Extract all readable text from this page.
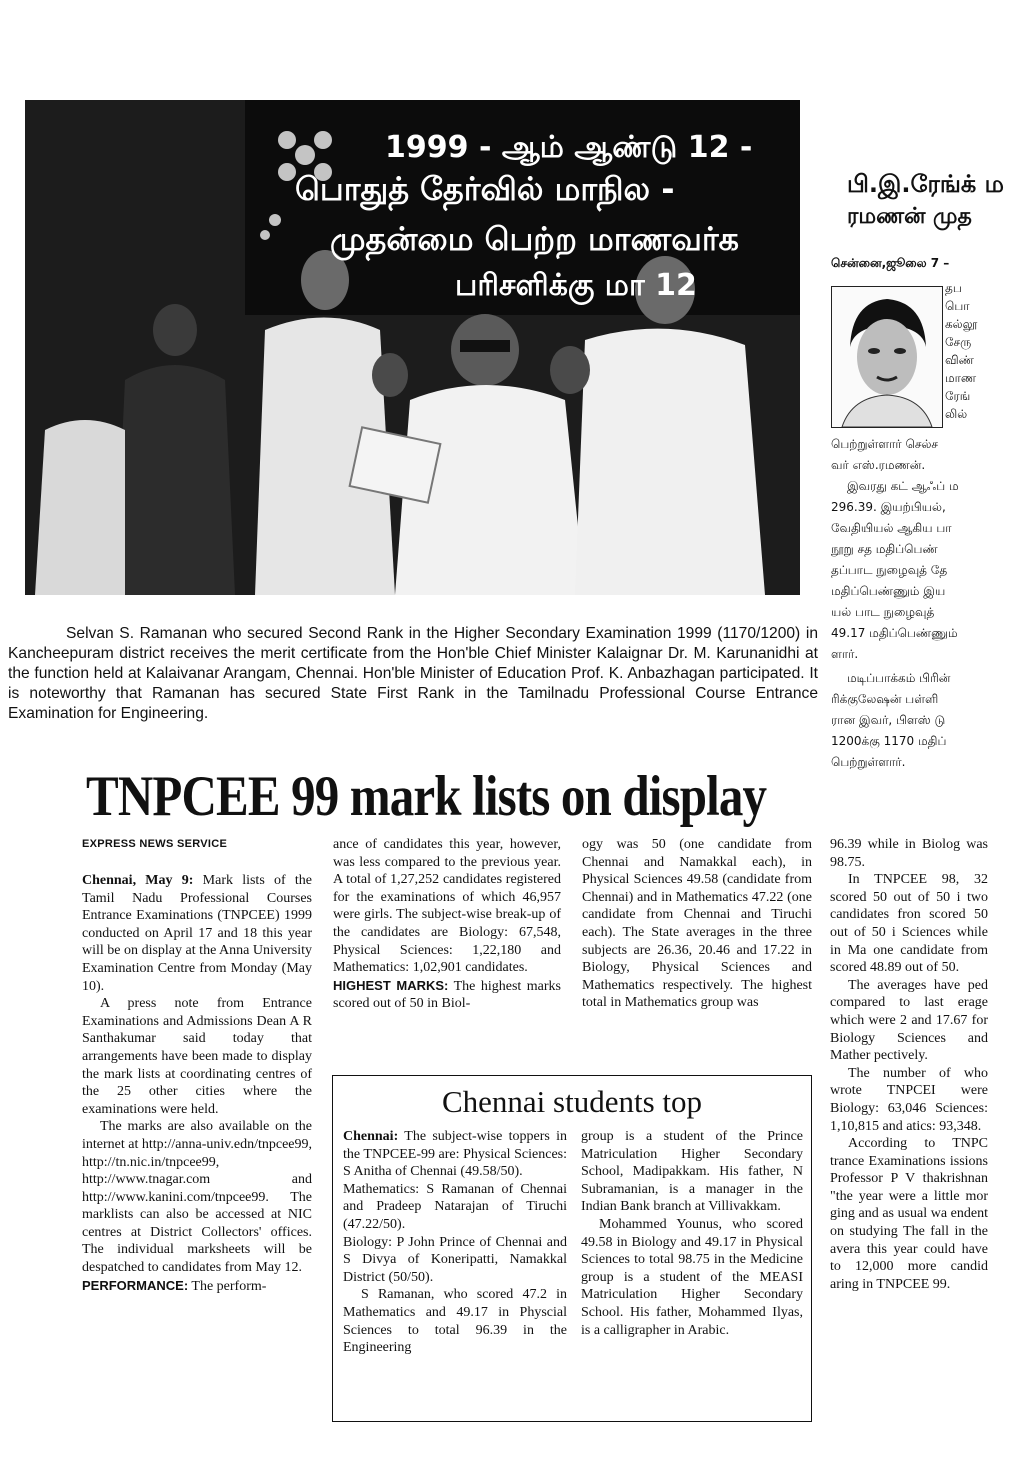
1999 - ஆம் ஆண்டு 12 -
பொதுத் தேர்வில் மாநில -
முதன்மை பெற்ற மாணவர்க
பரிசளிக்கு மா 12

Selvan S. Ramanan who secured Second Rank in the Higher Secondary Examination 1999 (1170/1200) in Kancheepuram district receives the merit certificate from the Hon'ble Chief Minister Kalaignar Dr. M. Karunanidhi at the function held at Kalaivanar Arangam, Chennai. Hon'ble Minister of Education Prof. K. Anbazhagan participated. It is noteworthy that Ramanan has secured State First Rank in the Tamilnadu Professional Course Entrance Examination for Engineering.

பி.இ.ரேங்க் ம
ரமணன் முத
சென்னை,ஜூலை 7 –
தப
பொ
கல்லூ
சேரு
விண்
மாண
ரேங்
லில்
பெற்றுள்ளார் செல்ச
வர் எஸ்.ரமணன்.
இவரது கட் ஆஃப் ம
296.39. இயற்பியல்,
வேதியியல் ஆகிய பா
நூறு சத மதிப்பெண்
தப்பாட நுழைவுத் தே
மதிப்பெண்ணும் இய
யல் பாட நுழைவுத்
49.17 மதிப்பெண்ணும்
ளார்.
மடிப்பாக்கம் பிரின்
ரிக்குலேஷன் பள்ளி
ரான இவர், பிளஸ் டு
1200க்கு 1170 மதிப்
பெற்றுள்ளார்.
TNPCEE 99 mark lists on display
EXPRESS NEWS SERVICE

Chennai, May 9: Mark lists of the Tamil Nadu Professional Courses Entrance Examinations (TNPCEE) 1999 conducted on April 17 and 18 this year will be on display at the Anna University Examination Centre from Monday (May 10).

A press note from Entrance Examinations and Admissions Dean A R Santhakumar said today that arrangements have been made to display the mark lists at coordinating centres of the 25 other cities where the examinations were held.

The marks are also available on the internet at http://anna-univ.edn/tnpcee99, http://tn.nic.in/tnpcee99, http://www.tnagar.com and http://www.kanini.com/tnpcee99. The marklists can also be accessed at NIC centres at District Collectors' offices. The individual marksheets will be despatched to candidates from May 12.

PERFORMANCE: The perform-

ance of candidates this year, however, was less compared to the previous year. A total of 1,27,252 candidates registered for the examinations of which 46,957 were girls. The subject-wise break-up of the candidates are Biology: 67,548, Physical Sciences: 1,22,180 and Mathematics: 1,02,901 candidates.

HIGHEST MARKS: The highest marks scored out of 50 in Biol-

ogy was 50 (one candidate from Chennai and Namakkal each), in Physical Sciences 49.58 (candidate from Chennai) and in Mathematics 47.22 (one candidate from Chennai and Tiruchi each). The State averages in the three subjects are 26.36, 20.46 and 17.22 in Biology, Physical Sciences and Mathematics respectively. The highest total in Mathematics group was

96.39 while in Biolog was 98.75.

In TNPCEE 98, 32 scored 50 out of 50 i two candidates fron scored 50 out of 50 i Sciences while in Ma one candidate from scored 48.89 out of 50.

The averages have ped compared to last erage which were 2 and 17.67 for Biology Sciences and Mather pectively.

The number of who wrote TNPCEI were Biology: 63,046 Sciences: 1,10,815 and atics: 93,348.

According to TNPC trance Examinations issions Professor P V thakrishnan "the year were a little mor ging and as usual wa endent on studying The fall in the avera this year could have to 12,000 more candid aring in TNPCEE 99.

Chennai students top

Chennai: The subject-wise toppers in the TNPCEE-99 are: Physical Sciences: S Anitha of Chennai (49.58/50).

Mathematics: S Ramanan of Chennai and Pradeep Natarajan of Tiruchi (47.22/50).

Biology: P John Prince of Chennai and S Divya of Koneripatti, Namakkal District (50/50).

S Ramanan, who scored 47.2 in Mathematics and 49.17 in Physcial Sciences to total 96.39 in the Engineering

group is a student of the Prince Matriculation Higher Secondary School, Madipakkam. His father, N Subramanian, is a manager in the Indian Bank branch at Villivakkam.

Mohammed Younus, who scored 49.58 in Biology and 49.17 in Physical Sciences to total 98.75 in the Medicine group is a student of the MEASI Matriculation Higher Secondary School. His father, Mohammed Ilyas, is a calligrapher in Arabic.
